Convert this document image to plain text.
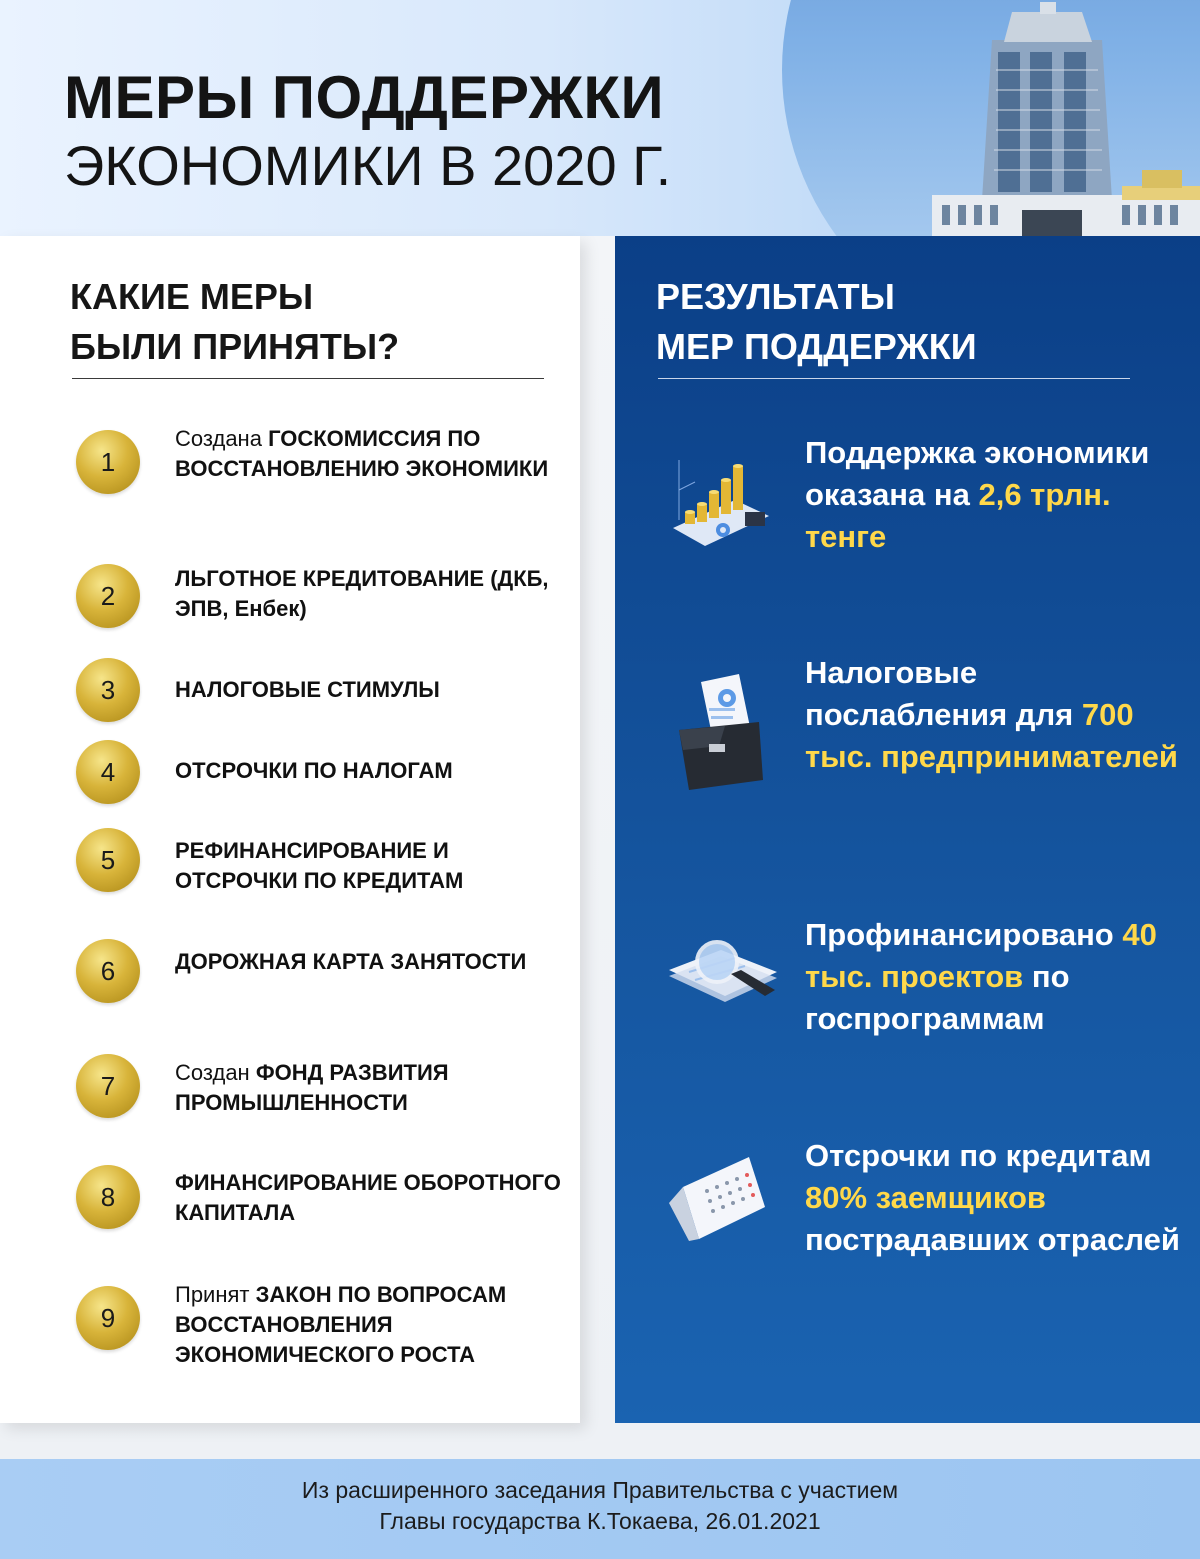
МЕРЫ ПОДДЕРЖКИ
ЭКОНОМИКИ В 2020 Г.
КАКИЕ МЕРЫ
БЫЛИ ПРИНЯТЫ?
1
Создана ГОСКОМИССИЯ ПО ВОССТАНОВЛЕНИЮ ЭКОНОМИКИ
2
ЛЬГОТНОЕ КРЕДИТОВАНИЕ (ДКБ, ЭПВ, Енбек)
3	НАЛОГОВЫЕ СТИМУЛЫ
4	ОТСРОЧКИ ПО НАЛОГАМ
5	РЕФИНАНСИРОВАНИЕ И ОТСРОЧКИ ПО КРЕДИТАМ
6	ДОРОЖНАЯ КАРТА ЗАНЯТОСТИ
7	Создан ФОНД РАЗВИТИЯ ПРОМЫШЛЕННОСТИ
8	ФИНАНСИРОВАНИЕ ОБОРОТНОГО КАПИТАЛА
9
Принят ЗАКОН ПО ВОПРОСАМ ВОССТАНОВЛЕНИЯ ЭКОНОМИЧЕСКОГО РОСТА
РЕЗУЛЬТАТЫ
МЕР ПОДДЕРЖКИ
Поддержка экономики оказана на 2,6 трлн. тенге
Налоговые послабления для 700 тыс. предпринимателей
Профинансировано 40 тыс. проектов по госпрограммам
Отсрочки по кредитам 80% заемщиков пострадавших отраслей
Из расширенного заседания Правительства с участием
Главы государства К.Токаева, 26.01.2021
